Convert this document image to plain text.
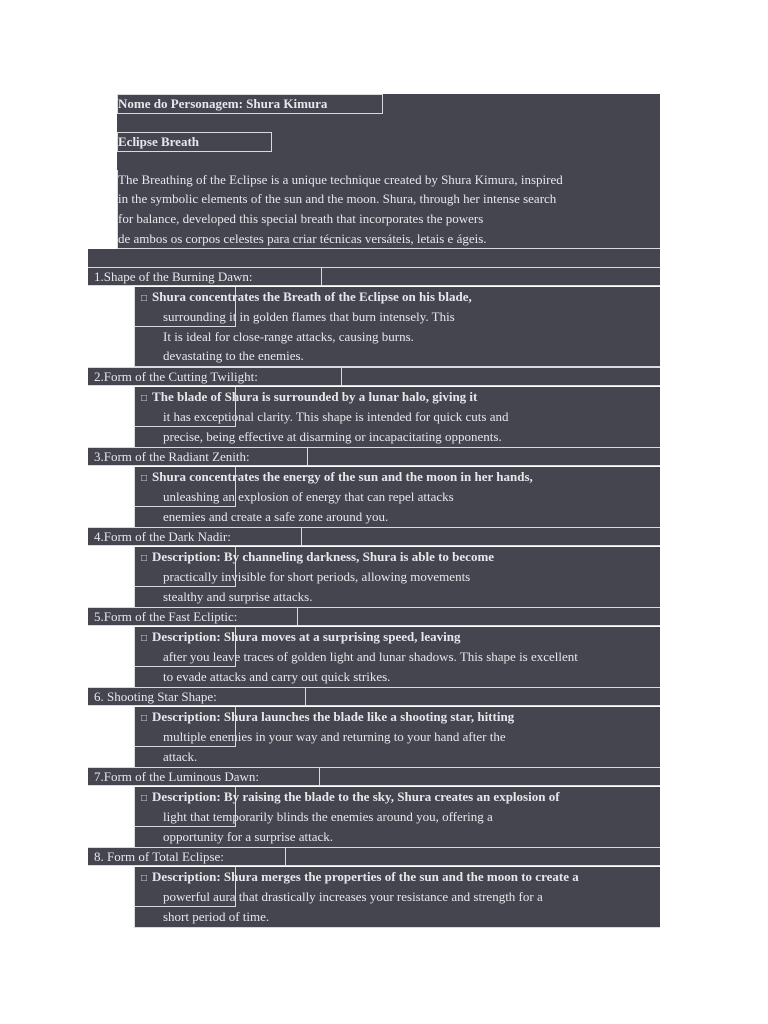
Nome do Personagem: Shura Kimura
Eclipse Breath
The Breathing of the Eclipse is a unique technique created by Shura Kimura, inspired
in the symbolic elements of the sun and the moon. Shura, through her intense search
for balance, developed this special breath that incorporates the powers
de ambos os corpos celestes para criar técnicas versáteis, letais e ágeis.
1.Shape of the Burning Dawn:
□ Shura concentrates the Breath of the Eclipse on his blade,
surrounding it in golden flames that burn intensely. This
It is ideal for close-range attacks, causing burns.
devastating to the enemies.
2.Form of the Cutting Twilight:
□ The blade of Shura is surrounded by a lunar halo, giving it
it has exceptional clarity. This shape is intended for quick cuts and
precise, being effective at disarming or incapacitating opponents.
3.Form of the Radiant Zenith:
□ Shura concentrates the energy of the sun and the moon in her hands,
unleashing an explosion of energy that can repel attacks
enemies and create a safe zone around you.
4.Form of the Dark Nadir:
□ Description: By channeling darkness, Shura is able to become
practically invisible for short periods, allowing movements
stealthy and surprise attacks.
5.Form of the Fast Ecliptic:
□ Description: Shura moves at a surprising speed, leaving
after you leave traces of golden light and lunar shadows. This shape is excellent
to evade attacks and carry out quick strikes.
6. Shooting Star Shape:
□ Description: Shura launches the blade like a shooting star, hitting
multiple enemies in your way and returning to your hand after the
attack.
7.Form of the Luminous Dawn:
□ Description: By raising the blade to the sky, Shura creates an explosion of
light that temporarily blinds the enemies around you, offering a
opportunity for a surprise attack.
8. Form of Total Eclipse:
□ Description: Shura merges the properties of the sun and the moon to create a
powerful aura that drastically increases your resistance and strength for a
short period of time.
